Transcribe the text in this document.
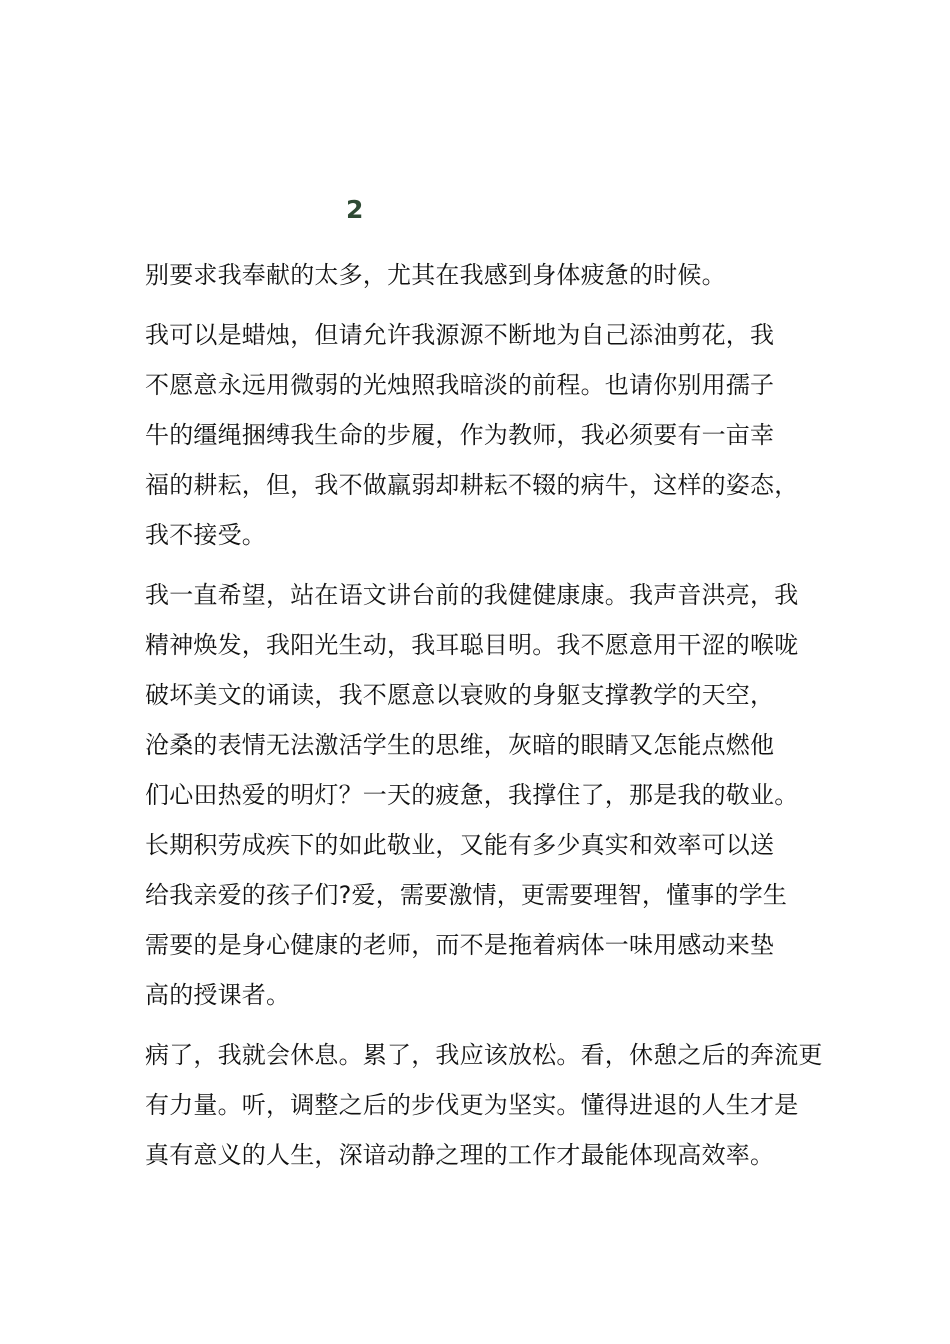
2

别要求我奉献的太多，尤其在我感到身体疲惫的时候。

我可以是蜡烛，但请允许我源源不断地为自己添油剪花，我
不愿意永远用微弱的光烛照我暗淡的前程。也请你别用孺子
牛的缰绳捆缚我生命的步履，作为教师，我必须要有一亩幸
福的耕耘，但，我不做羸弱却耕耘不辍的病牛，这样的姿态，
我不接受。

我一直希望，站在语文讲台前的我健健康康。我声音洪亮，我
精神焕发，我阳光生动，我耳聪目明。我不愿意用干涩的喉咙
破坏美文的诵读，我不愿意以衰败的身躯支撑教学的天空，
沧桑的表情无法激活学生的思维，灰暗的眼睛又怎能点燃他
们心田热爱的明灯？一天的疲惫，我撑住了，那是我的敬业。
长期积劳成疾下的如此敬业，又能有多少真实和效率可以送
给我亲爱的孩子们?爱，需要激情，更需要理智，懂事的学生
需要的是身心健康的老师，而不是拖着病体一味用感动来垫
高的授课者。

病了，我就会休息。累了，我应该放松。看，休憩之后的奔流更
有力量。听，调整之后的步伐更为坚实。懂得进退的人生才是
真有意义的人生，深谙动静之理的工作才最能体现高效率。
